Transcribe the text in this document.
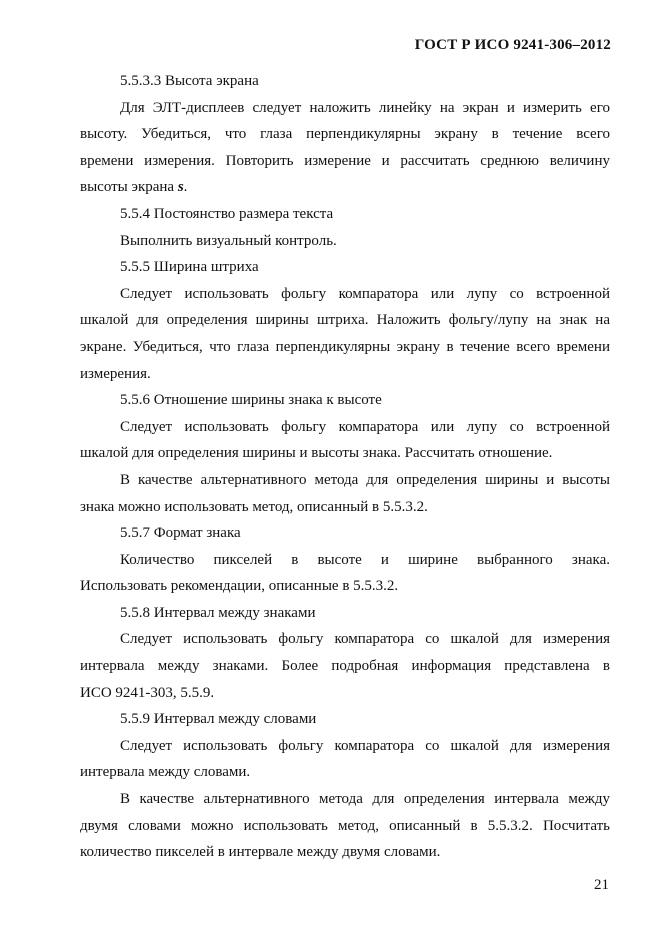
ГОСТ Р ИСО 9241-306–2012
5.5.3.3 Высота экрана
Для ЭЛТ-дисплеев следует наложить линейку на экран и измерить его
высоту. Убедиться, что глаза перпендикулярны экрану в течение всего
времени измерения. Повторить измерение и рассчитать среднюю величину
высоты экрана s.
5.5.4 Постоянство размера текста
Выполнить визуальный контроль.
5.5.5 Ширина штриха
Следует использовать фольгу компаратора или лупу со встроенной
шкалой для определения ширины штриха. Наложить фольгу/лупу на знак на
экране. Убедиться, что глаза перпендикулярны экрану в течение всего времени
измерения.
5.5.6 Отношение ширины знака к высоте
Следует использовать фольгу компаратора или лупу со встроенной
шкалой для определения ширины и высоты знака. Рассчитать отношение.
В качестве альтернативного метода для определения ширины и высоты
знака можно использовать метод, описанный в 5.5.3.2.
5.5.7 Формат знака
Количество пикселей в высоте и ширине выбранного знака.
Использовать рекомендации, описанные в 5.5.3.2.
5.5.8 Интервал между знаками
Следует использовать фольгу компаратора со шкалой для измерения
интервала между знаками. Более подробная информация представлена в
ИСО 9241-303, 5.5.9.
5.5.9 Интервал между словами
Следует использовать фольгу компаратора со шкалой для измерения
интервала между словами.
В качестве альтернативного метода для определения интервала между
двумя словами можно использовать метод, описанный в 5.5.3.2. Посчитать
количество пикселей в интервале между двумя словами.
21
